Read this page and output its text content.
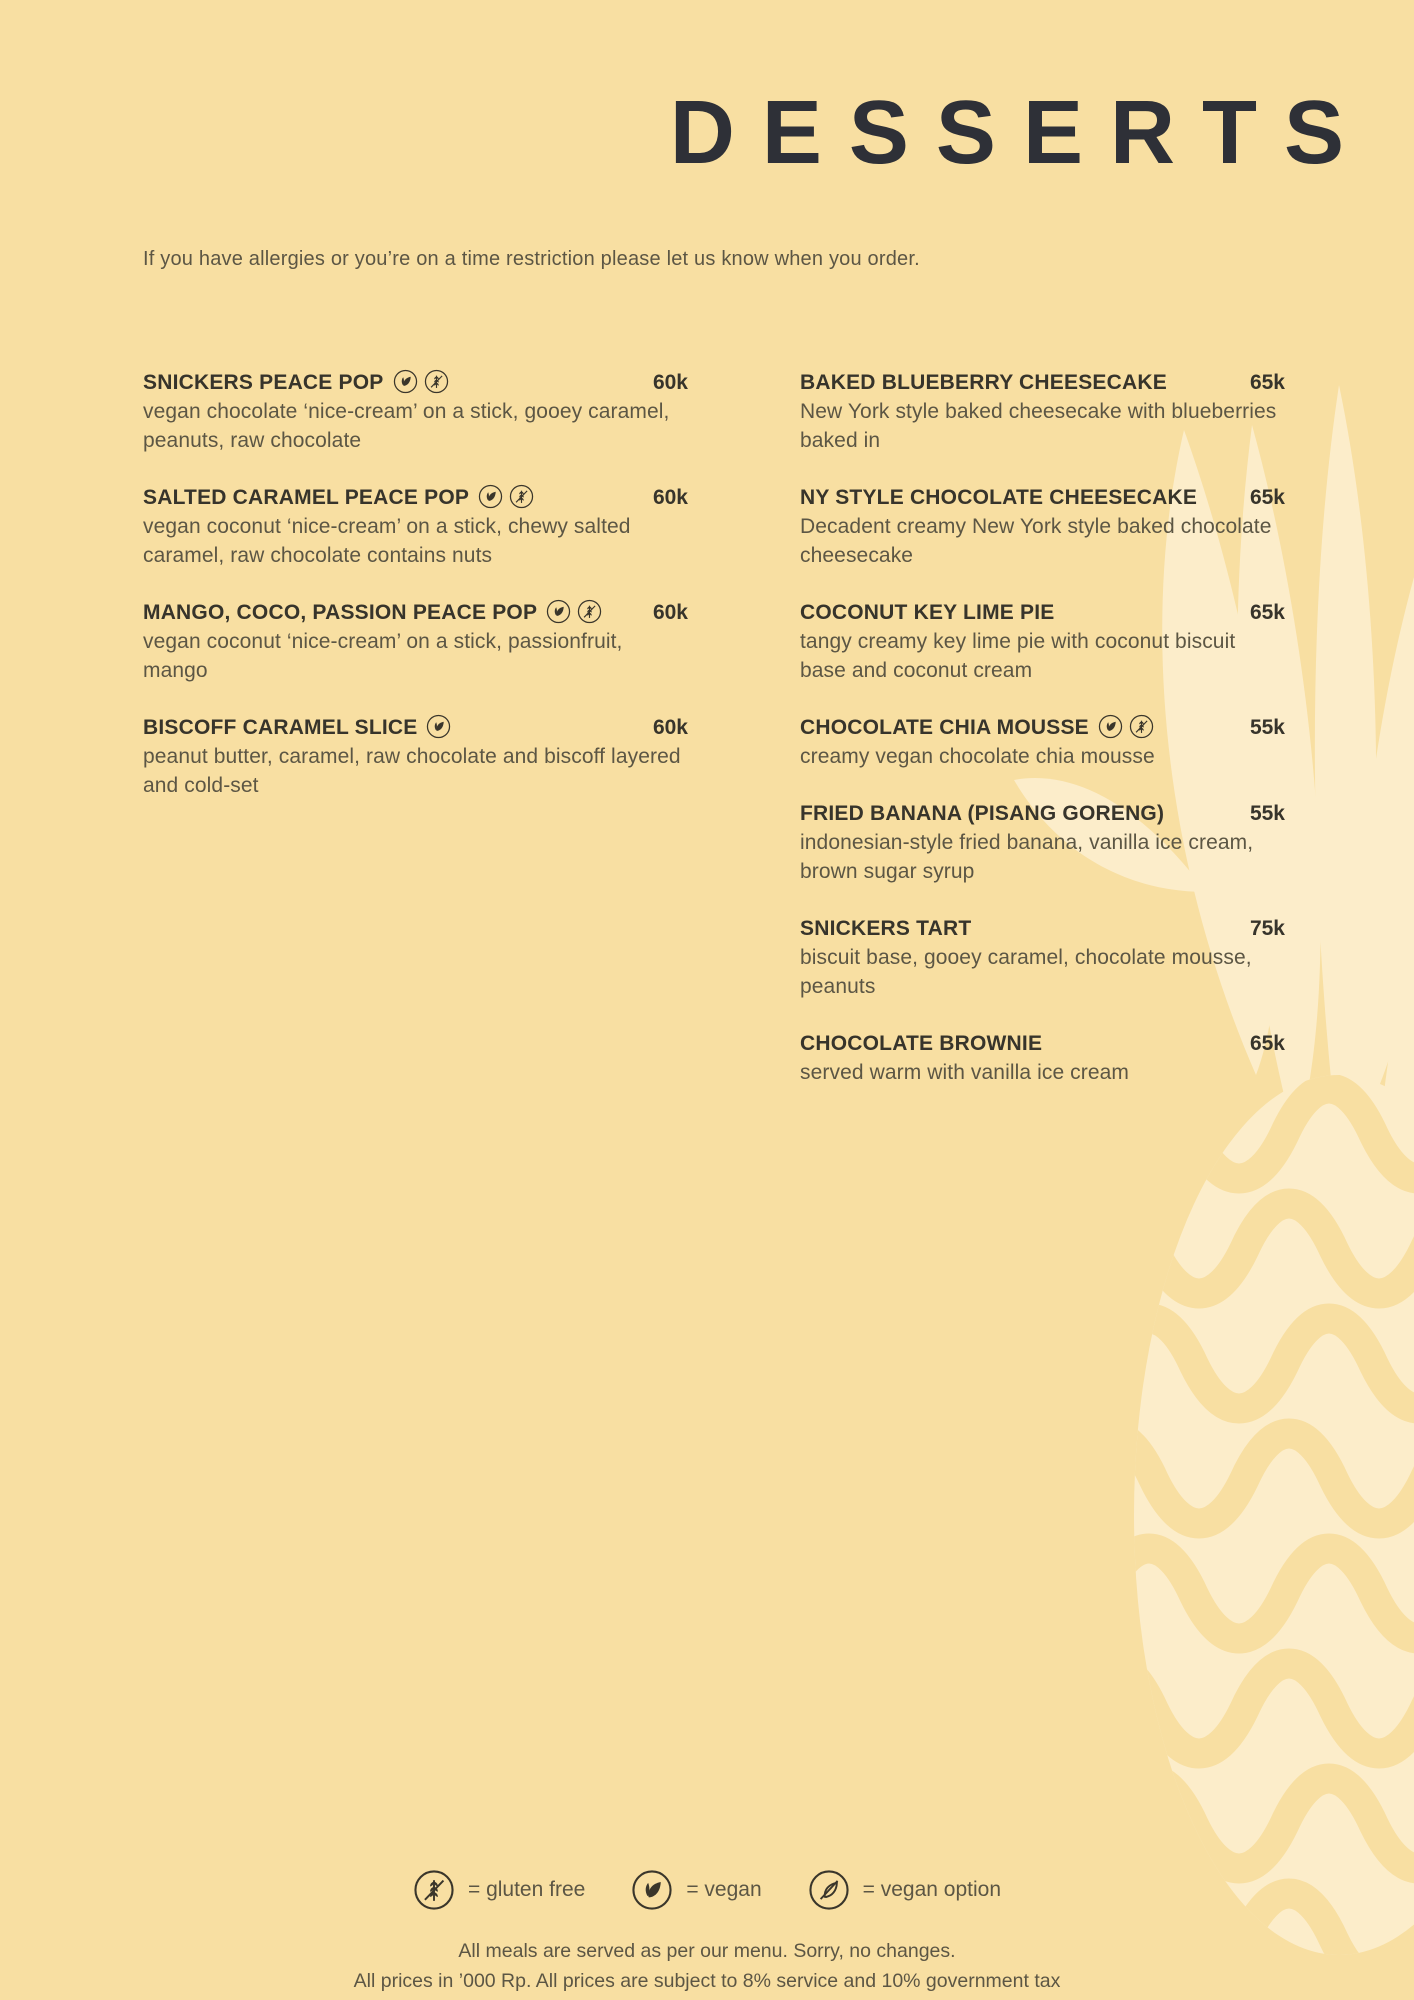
DESSERTS

If you have allergies or you’re on a time restriction please let us know when you order.

SNICKERS PEACE POP	60k

vegan chocolate ‘nice-cream’ on a stick, gooey caramel, peanuts, raw chocolate

SALTED CARAMEL PEACE POP	60k

vegan coconut ‘nice-cream’ on a stick, chewy salted caramel, raw chocolate contains nuts

MANGO, COCO, PASSION PEACE POP	60k

vegan coconut ‘nice-cream’ on a stick, passionfruit, mango

BISCOFF CARAMEL SLICE	60k

peanut butter, caramel, raw chocolate and biscoff layered and cold-set

BAKED BLUEBERRY CHEESECAKE	65k

New York style baked cheesecake with blueberries baked in

NY STYLE CHOCOLATE CHEESECAKE	65k

Decadent creamy New York style baked chocolate cheesecake

COCONUT KEY LIME PIE	65k

tangy creamy key lime pie with coconut biscuit base and coconut cream

CHOCOLATE CHIA MOUSSE	55k

creamy vegan chocolate chia mousse

FRIED BANANA (PISANG GORENG)	55k

indonesian-style fried banana, vanilla ice cream, brown sugar syrup

SNICKERS TART	75k

biscuit base, gooey caramel, chocolate mousse, peanuts

CHOCOLATE BROWNIE	65k

served warm with vanilla ice cream

= gluten free	= vegan	= vegan option
All meals are served as per our menu. Sorry, no changes.
All prices in ’000 Rp. All prices are subject to 8% service and 10% government tax
